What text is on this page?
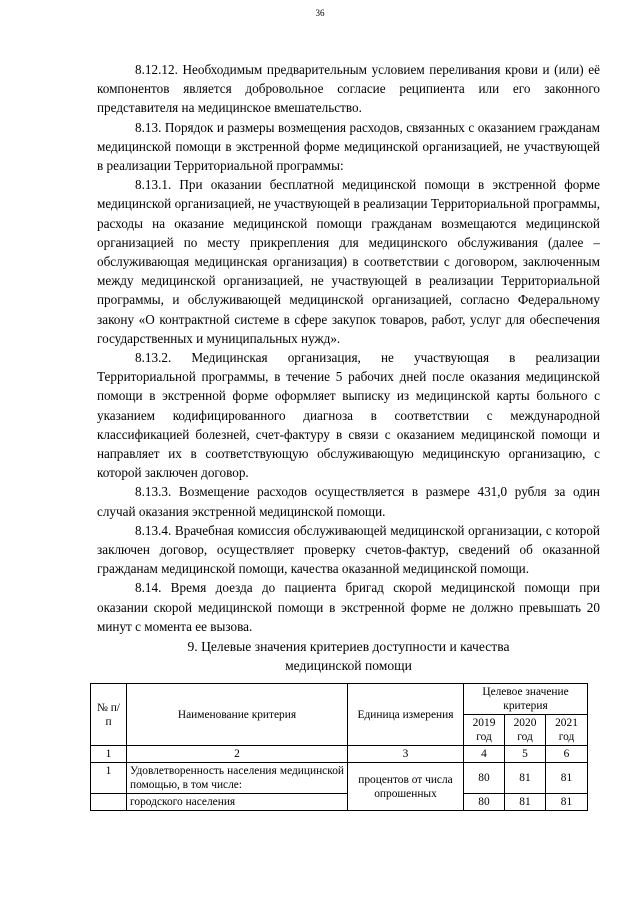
36

8.12.12. Необходимым предварительным условием переливания крови и (или) её компонентов является добровольное согласие реципиента или его законного представителя на медицинское вмешательство.

8.13. Порядок и размеры возмещения расходов, связанных с оказанием гражданам медицинской помощи в экстренной форме медицинской организацией, не участвующей в реализации Территориальной программы:

8.13.1. При оказании бесплатной медицинской помощи в экстренной форме медицинской организацией, не участвующей в реализации Территориальной программы, расходы на оказание медицинской помощи гражданам возмещаются медицинской организацией по месту прикрепления для медицинского обслуживания (далее – обслуживающая медицинская организация) в соответствии с договором, заключенным между медицинской организацией, не участвующей в реализации Территориальной программы, и обслуживающей медицинской организацией, согласно Федеральному закону «О контрактной системе в сфере закупок товаров, работ, услуг для обеспечения государственных и муниципальных нужд».

8.13.2. Медицинская организация, не участвующая в реализации Территориальной программы, в течение 5 рабочих дней после оказания медицинской помощи в экстренной форме оформляет выписку из медицинской карты больного с указанием кодифицированного диагноза в соответствии с международной классификацией болезней, счет-фактуру в связи с оказанием медицинской помощи и направляет их в соответствующую обслуживающую медицинскую организацию, с которой заключен договор.

8.13.3. Возмещение расходов осуществляется в размере 431,0 рубля за один случай оказания экстренной медицинской помощи.

8.13.4. Врачебная комиссия обслуживающей медицинской организации, с которой заключен договор, осуществляет проверку счетов-фактур, сведений об оказанной гражданам медицинской помощи, качества оказанной медицинской помощи.

8.14. Время доезда до пациента бригад скорой медицинской помощи при оказании скорой медицинской помощи в экстренной форме не должно превышать 20 минут с момента ее вызова.

9. Целевые значения критериев доступности и качества
медицинской помощи
№ п/п	Наименование критерия	Единица измерения	Целевое значение критерия		
			2019 год	2020 год	2021 год
1	2	3	4	5	6
1	Удовлетворенность населения медицинской помощью, в том числе:	процентов от числа опрошенных	80	81	81
	городского населения		80	81	81
